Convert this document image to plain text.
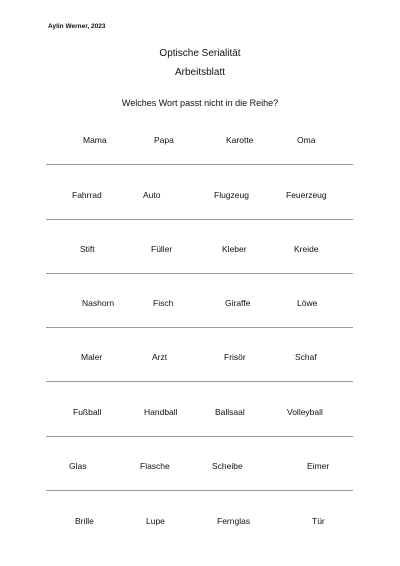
Aylin Werner, 2023
Optische Serialität
Arbeitsblatt
Welches Wort passt nicht in die Reihe?
Mama	Papa	Karotte	Oma
Fahrrad	Auto	Flugzeug	Feuerzeug
Stift	Füller	Kleber	Kreide
Nashorn	Fisch	Giraffe	Löwe
Maler	Arzt	Frisör	Schaf
Fußball	Handball	Ballsaal	Volleyball
Glas	Flasche	Scheibe	Eimer
Brille	Lupe	Fernglas	Tür
